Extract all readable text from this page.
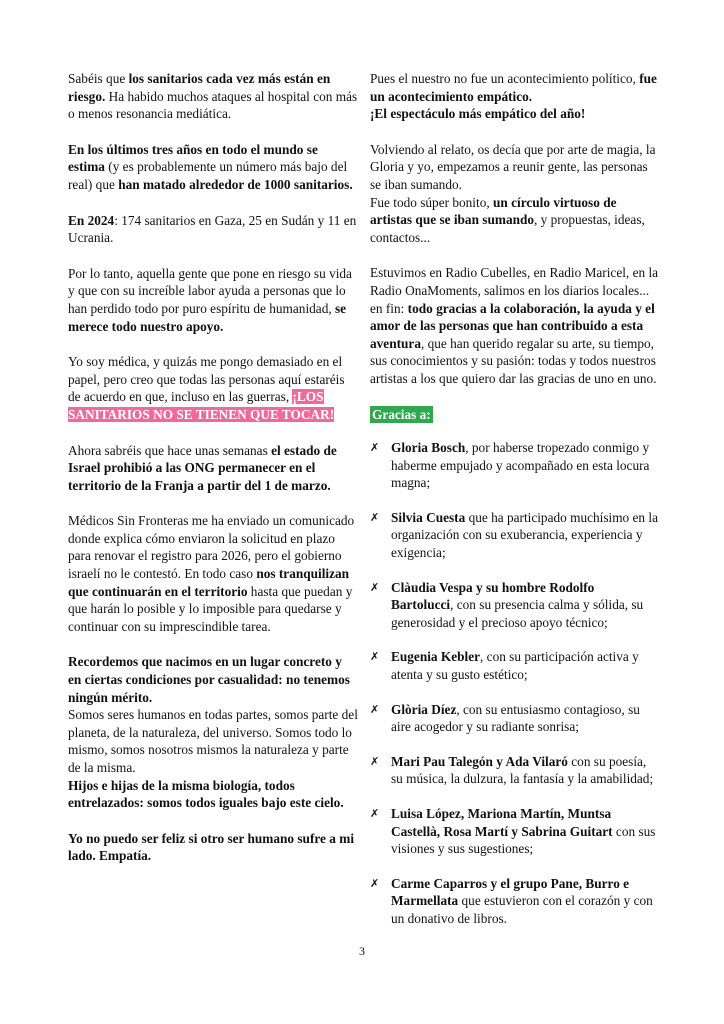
Sabéis que los sanitarios cada vez más están en riesgo. Ha habido muchos ataques al hospital con más o menos resonancia mediática.

En los últimos tres años en todo el mundo se estima (y es probablemente un número más bajo del real) que han matado alrededor de 1000 sanitarios.

En 2024: 174 sanitarios en Gaza, 25 en Sudán y 11 en Ucrania.

Por lo tanto, aquella gente que pone en riesgo su vida y que con su increíble labor ayuda a personas que lo han perdido todo por puro espíritu de humanidad, se merece todo nuestro apoyo.

Yo soy médica, y quizás me pongo demasiado en el papel, pero creo que todas las personas aquí estaréis de acuerdo en que, incluso en las guerras, ¡LOS SANITARIOS NO SE TIENEN QUE TOCAR!

Ahora sabréis que hace unas semanas el estado de Israel prohibió a las ONG permanecer en el territorio de la Franja a partir del 1 de marzo.

Médicos Sin Fronteras me ha enviado un comunicado donde explica cómo enviaron la solicitud en plazo para renovar el registro para 2026, pero el gobierno israelí no le contestó. En todo caso nos tranquilizan que continuarán en el territorio hasta que puedan y que harán lo posible y lo imposible para quedarse y continuar con su imprescindible tarea.

Recordemos que nacimos en un lugar concreto y en ciertas condiciones por casualidad: no tenemos ningún mérito.
Somos seres humanos en todas partes, somos parte del planeta, de la naturaleza, del universo. Somos todo lo mismo, somos nosotros mismos la naturaleza y parte de la misma.
Hijos e hijas de la misma biología, todos entrelazados: somos todos iguales bajo este cielo.

Yo no puedo ser feliz si otro ser humano sufre a mi lado. Empatía.

Pues el nuestro no fue un acontecimiento político, fue un acontecimiento empático.
¡El espectáculo más empático del año!

Volviendo al relato, os decía que por arte de magia, la Gloria y yo, empezamos a reunir gente, las personas se iban sumando.
Fue todo súper bonito, un círculo virtuoso de artistas que se iban sumando, y propuestas, ideas, contactos...

Estuvimos en Radio Cubelles, en Radio Maricel, en la Radio OnaMoments, salimos en los diarios locales... en fin: todo gracias a la colaboración, la ayuda y el amor de las personas que han contribuido a esta aventura, que han querido regalar su arte, su tiempo, sus conocimientos y su pasión: todas y todos nuestros artistas a los que quiero dar las gracias de uno en uno.

Gracias a:
✗ Gloria Bosch, por haberse tropezado conmigo y haberme empujado y acompañado en esta locura magna;
✗ Silvia Cuesta que ha participado muchísimo en la organización con su exuberancia, experiencia y exigencia;
✗ Clàudia Vespa y su hombre Rodolfo Bartolucci, con su presencia calma y sólida, su generosidad y el precioso apoyo técnico;
✗ Eugenia Kebler, con su participación activa y atenta y su gusto estético;
✗ Glòria Díez, con su entusiasmo contagioso, su aire acogedor y su radiante sonrisa;
✗ Mari Pau Talegón y Ada Vilaró con su poesía, su música, la dulzura, la fantasía y la amabilidad;
✗ Luisa López, Mariona Martín, Muntsa Castellà, Rosa Martí y Sabrina Guitart con sus visiones y sus sugestiones;
✗ Carme Caparros y el grupo Pane, Burro e Marmellata que estuvieron con el corazón y con un donativo de libros.
3
